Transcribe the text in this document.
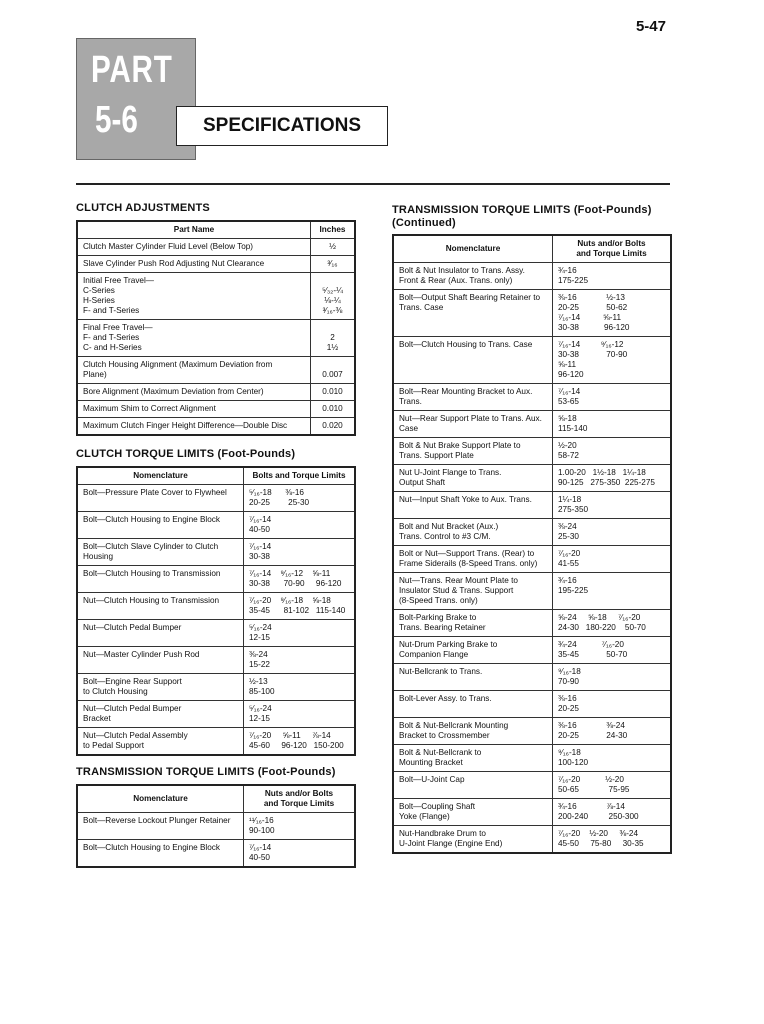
5-47
PART
5-6	SPECIFICATIONS
CLUTCH ADJUSTMENTS
Part Name	Inches
Clutch Master Cylinder Fluid Level (Below Top)	½
Slave Cylinder Push Rod Adjusting Nut Clearance	³⁄₁₆
Initial Free Travel—
C-Series
H-Series
F- and T-Series	⁵⁄₃₂-¼
⅛-¼
³⁄₁₆-⅜
Final Free Travel—
F- and T-Series
C- and H-Series	2
1½
Clutch Housing Alignment (Maximum Deviation from
Plane)	0.007
Bore Alignment (Maximum Deviation from Center)	0.010
Maximum Shim to Correct Alignment	0.010
Maximum Clutch Finger Height Difference—Double Disc	0.020
CLUTCH TORQUE LIMITS (Foot-Pounds)
Nomenclature	Bolts and Torque Limits
Bolt—Pressure Plate Cover to Flywheel	⁵⁄₁₆-18      ⅜-16
20-25        25-30
Bolt—Clutch Housing to Engine Block	⁷⁄₁₆-14
40-50
Bolt—Clutch Slave Cylinder to Clutch
Housing	⁷⁄₁₆-14
30-38
Bolt—Clutch Housing to Transmission	⁷⁄₁₆-14    ⁹⁄₁₆-12    ⅝-11
30-38      70-90     96-120
Nut—Clutch Housing to Transmission	⁷⁄₁₆-20    ⁹⁄₁₆-18    ⅝-18
35-45      81-102   115-140
Nut—Clutch Pedal Bumper	⁵⁄₁₆-24
12-15
Nut—Master Cylinder Push Rod	⅜-24
15-22
Bolt—Engine Rear Support
to Clutch Housing	½-13
85-100
Nut—Clutch Pedal Bumper
Bracket	⁵⁄₁₆-24
12-15
Nut—Clutch Pedal Assembly
to Pedal Support	⁷⁄₁₆-20     ⅝-11     ⅞-14
45-60     96-120   150-200
TRANSMISSION TORQUE LIMITS (Foot-Pounds)
Nomenclature	Nuts and/or Bolts
and Torque Limits
Bolt—Reverse Lockout Plunger Retainer	¹¹⁄₁₆-16
90-100
Bolt—Clutch Housing to Engine Block	⁷⁄₁₆-14
40-50
TRANSMISSION TORQUE LIMITS (Foot-Pounds)
(Continued)
Nomenclature	Nuts and/or Bolts
and Torque Limits
Bolt & Nut Insulator to Trans. Assy.
Front & Rear (Aux. Trans. only)	¾-16
175-225
Bolt—Output Shaft Bearing Retainer to
Trans. Case	⅜-16             ½-13
20-25            50-62
⁷⁄₁₆-14          ⅝-11
30-38           96-120
Bolt—Clutch Housing to Trans. Case	⁷⁄₁₆-14         ⁹⁄₁₆-12
30-38            70-90
⅝-11
96-120
Bolt—Rear Mounting Bracket to Aux.
Trans.	⁷⁄₁₆-14
53-65
Nut—Rear Support Plate to Trans. Aux.
Case	⅝-18
115-140
Bolt & Nut Brake Support Plate to
Trans. Support Plate	½-20
58-72
Nut U-Joint Flange to Trans.
Output Shaft	1.00-20   1½-18   1¼-18
90-125   275-350  225-275
Nut—Input Shaft Yoke to Aux. Trans.	1¼-18
275-350
Bolt and Nut Bracket (Aux.)
Trans. Control to #3 C/M.	⅜-24
25-30
Bolt or Nut—Support Trans. (Rear) to
Frame Siderails (8-Speed Trans. only)	⁷⁄₁₆-20
41-55
Nut—Trans. Rear Mount Plate to
Insulator Stud & Trans. Support
(8-Speed Trans. only)	¾-16
195-225
Bolt-Parking Brake to
Trans. Bearing Retainer	⅝-24     ⅝-18     ⁷⁄₁₆-20
24-30   180-220    50-70
Nut-Drum Parking Brake to
Companion Flange	¾-24           ⁷⁄₁₆-20
35-45            50-70
Nut-Bellcrank to Trans.	⁹⁄₁₆-18
70-90
Bolt-Lever Assy. to Trans.	⅜-16
20-25
Bolt & Nut-Bellcrank Mounting
Bracket to Crossmember	⅜-16             ⅜-24
20-25            24-30
Bolt & Nut-Bellcrank to
Mounting Bracket	⁹⁄₁₆-18
100-120
Bolt—U-Joint Cap	⁷⁄₁₆-20           ½-20
50-65             75-95
Bolt—Coupling Shaft
Yoke (Flange)	¾-16             ⅞-14
200-240         250-300
Nut-Handbrake Drum to
U-Joint Flange (Engine End)	⁷⁄₁₆-20    ½-20     ⅜-24
45-50     75-80     30-35
